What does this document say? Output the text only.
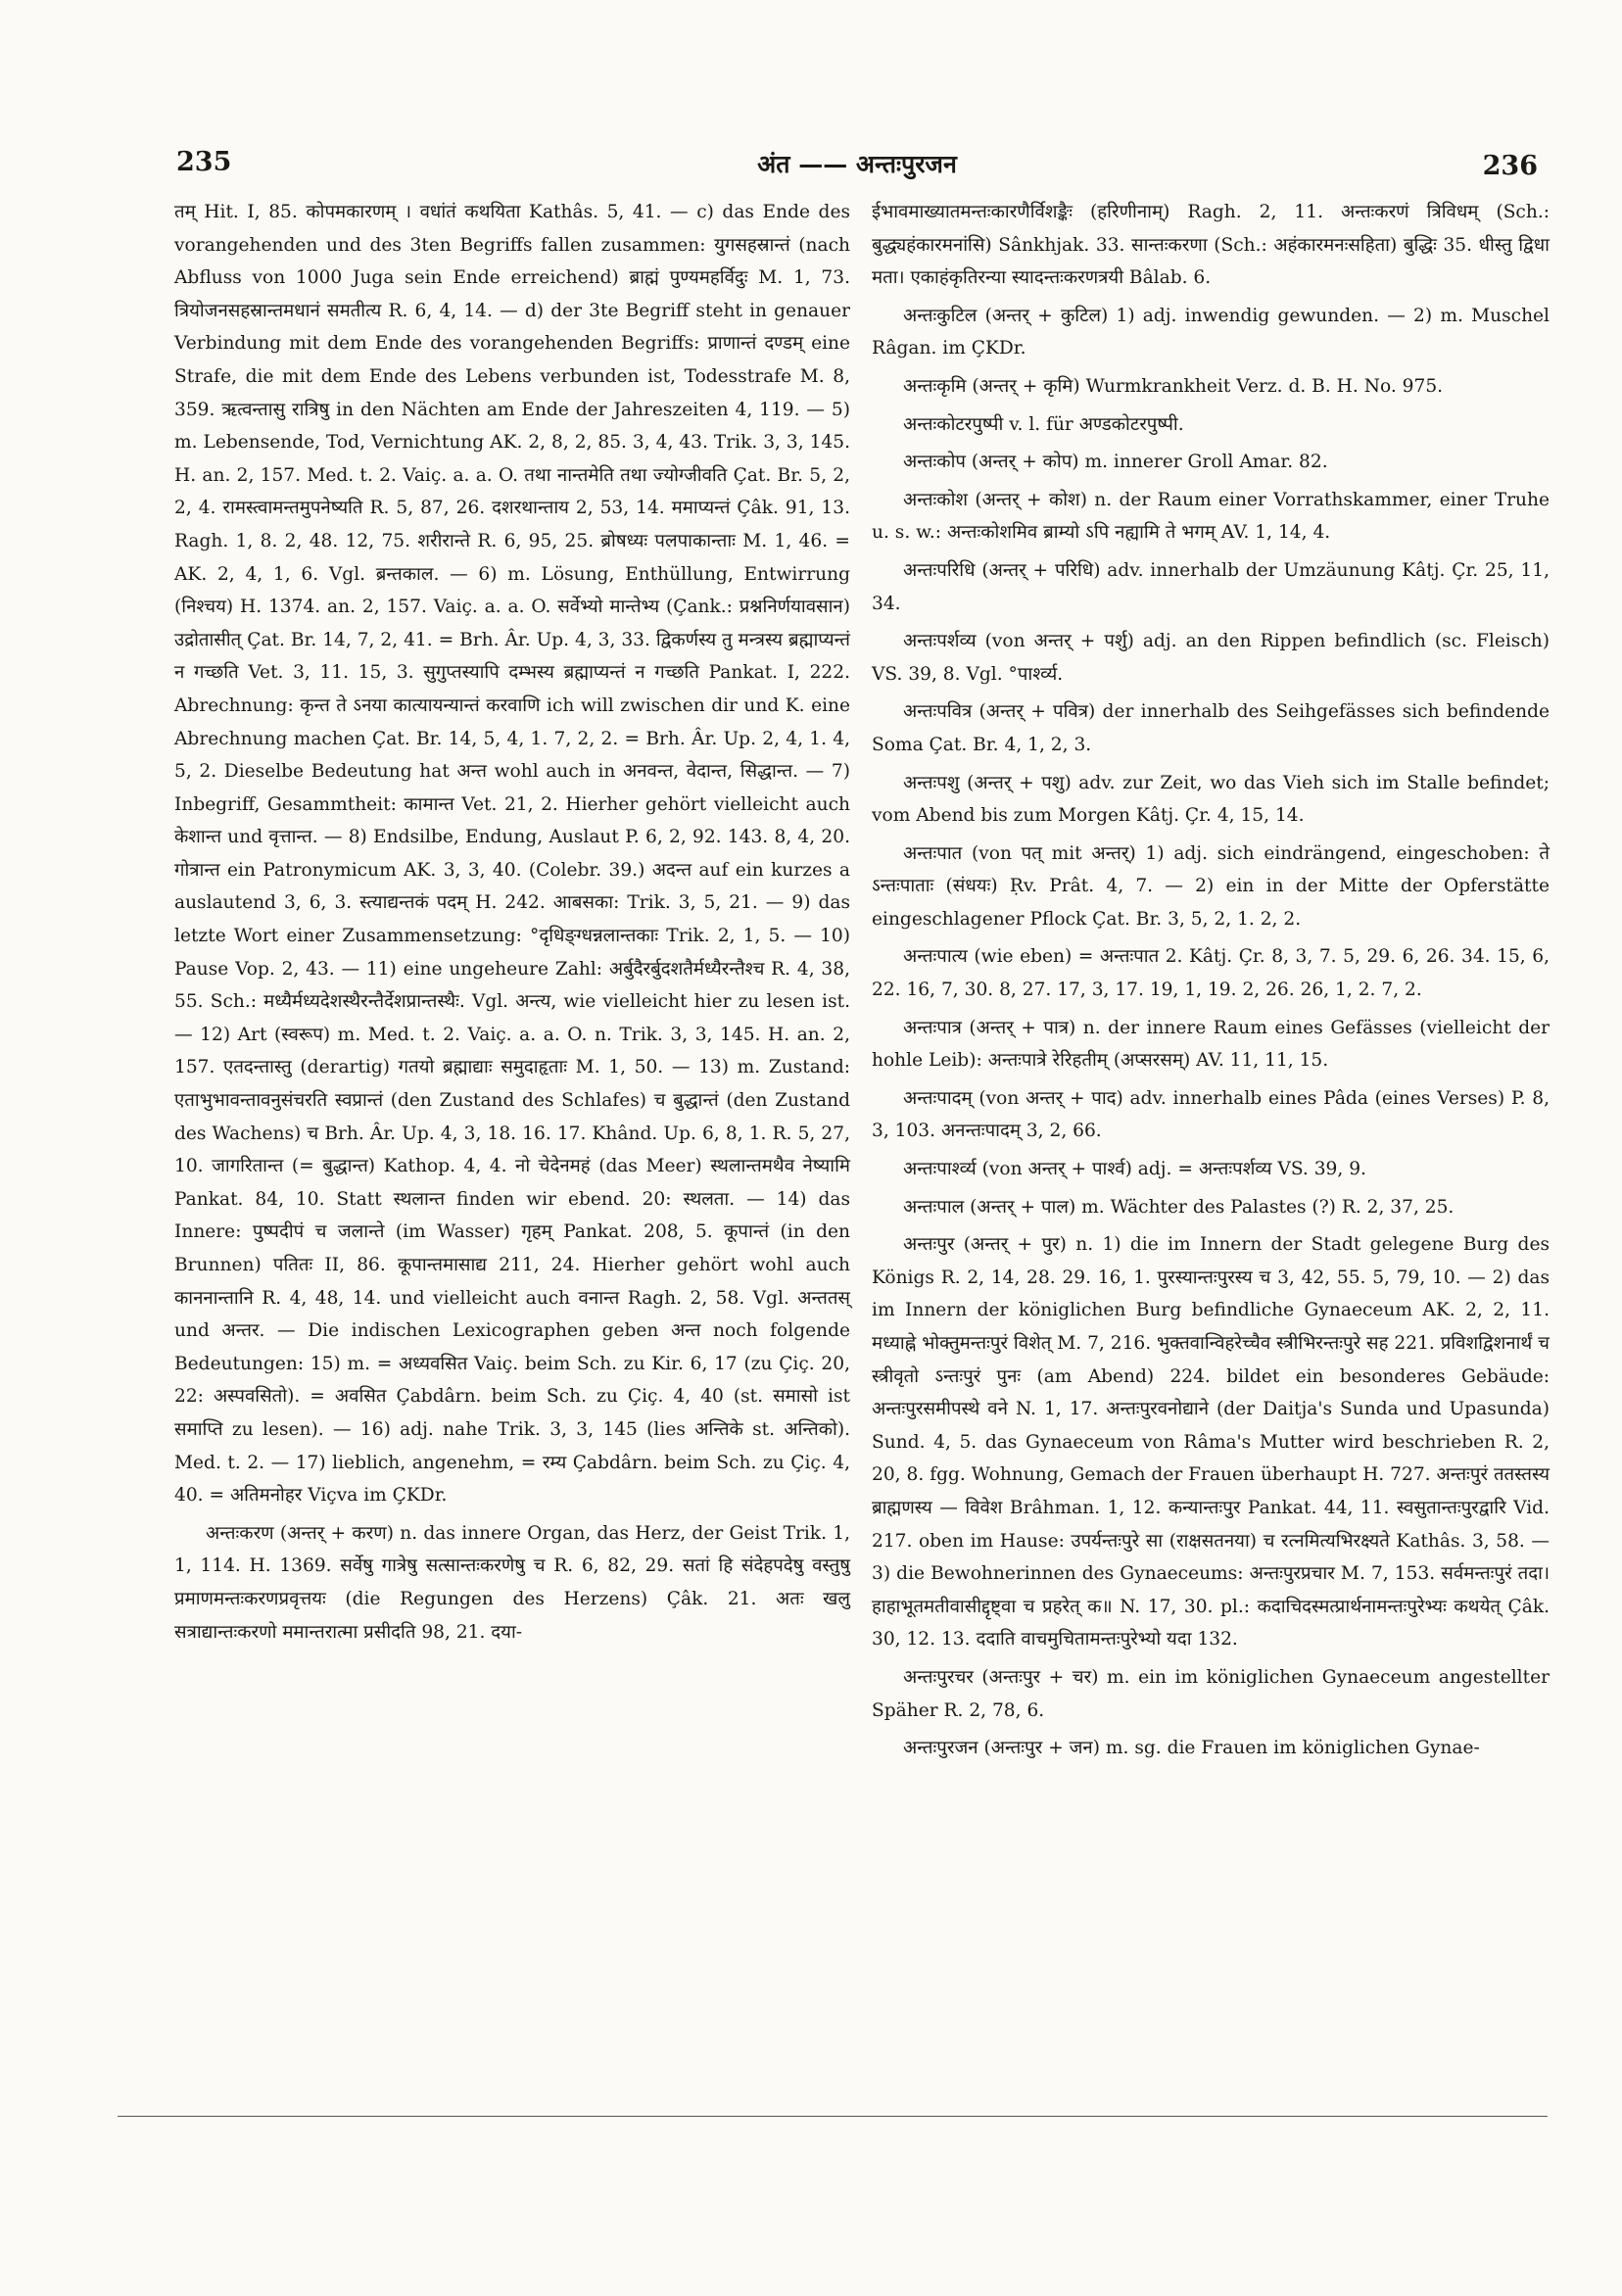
235	अंत —— अन्तःपुरजन	236

तम् Hit. I, 85. कोपमकारणम् । वधांतं कथयिता Kathâs. 5, 41. — c) das Ende des vorangehenden und des 3ten Begriffs fallen zusammen: युगसहस्रान्तं (nach Abfluss von 1000 Juga sein Ende erreichend) ब्राह्मं पुण्यमहर्विदुः M. 1, 73. त्रियोजनसहस्रान्तमधानं समतीत्य R. 6, 4, 14. — d) der 3te Begriff steht in genauer Verbindung mit dem Ende des vorangehenden Begriffs: प्राणान्तं दण्डम् eine Strafe, die mit dem Ende des Lebens verbunden ist, Todesstrafe M. 8, 359. ऋत्वन्तासु रात्रिषु in den Nächten am Ende der Jahreszeiten 4, 119. — 5) m. Lebensende, Tod, Vernichtung AK. 2, 8, 2, 85. 3, 4, 43. Trik. 3, 3, 145. H. an. 2, 157. Med. t. 2. Vaiç. a. a. O. तथा नान्तमेति तथा ज्योग्जीवति Çat. Br. 5, 2, 2, 4. रामस्त्वामन्तमुपनेष्यति R. 5, 87, 26. दशरथान्ताय 2, 53, 14. ममाप्यन्तं Çâk. 91, 13. Ragh. 1, 8. 2, 48. 12, 75. शरीरान्ते R. 6, 95, 25. ब्रोषध्यः पलपाकान्ताः M. 1, 46. = AK. 2, 4, 1, 6. Vgl. ब्रन्तकाल. — 6) m. Lösung, Enthüllung, Entwirrung (निश्चय) H. 1374. an. 2, 157. Vaiç. a. a. O. सर्वेभ्यो मान्तेभ्य (Çank.: प्रश्ननिर्णयावसान) उद्रोतासीत् Çat. Br. 14, 7, 2, 41. = Brh. Âr. Up. 4, 3, 33. द्विकर्णस्य तु मन्त्रस्य ब्रह्माप्यन्तं न गच्छति Vet. 3, 11. 15, 3. सुगुप्तस्यापि दम्भस्य ब्रह्माप्यन्तं न गच्छति Pankat. I, 222. Abrechnung: कृन्त ते ऽनया कात्यायन्यान्तं करवाणि ich will zwischen dir und K. eine Abrechnung machen Çat. Br. 14, 5, 4, 1. 7, 2, 2. = Brh. Âr. Up. 2, 4, 1. 4, 5, 2. Dieselbe Bedeutung hat अन्त wohl auch in अनवन्त, वेदान्त, सिद्धान्त. — 7) Inbegriff, Gesammtheit: कामान्त Vet. 21, 2. Hierher gehört vielleicht auch केशान्त und वृत्तान्त. — 8) Endsilbe, Endung, Auslaut P. 6, 2, 92. 143. 8, 4, 20. गोत्रान्त ein Patronymicum AK. 3, 3, 40. (Colebr. 39.) अदन्त auf ein kurzes a auslautend 3, 6, 3. स्त्याद्यन्तकं पदम् H. 242. आबसका: Trik. 3, 5, 21. — 9) das letzte Wort einer Zusammensetzung: °दृधिङ्ग्धन्नलान्तकाः Trik. 2, 1, 5. — 10) Pause Vop. 2, 43. — 11) eine ungeheure Zahl: अर्बुदैरर्बुदशतैर्मध्यैरन्तैश्च R. 4, 38, 55. Sch.: मध्यैर्मध्यदेशस्थैरन्तैर्देशप्रान्तस्थैः. Vgl. अन्त्य, wie vielleicht hier zu lesen ist. — 12) Art (स्वरूप) m. Med. t. 2. Vaiç. a. a. O. n. Trik. 3, 3, 145. H. an. 2, 157. एतदन्तास्तु (derartig) गतयो ब्रह्माद्याः समुदाहृताः M. 1, 50. — 13) m. Zustand: एताभुभावन्तावनुसंचरति स्वप्रान्तं (den Zustand des Schlafes) च बुद्धान्तं (den Zustand des Wachens) च Brh. Âr. Up. 4, 3, 18. 16. 17. Khând. Up. 6, 8, 1. R. 5, 27, 10. जागरितान्त (= बुद्धान्त) Kathop. 4, 4. नो चेदेनमहं (das Meer) स्थलान्तमथैव नेष्यामि Pankat. 84, 10. Statt स्थलान्त finden wir ebend. 20: स्थलता. — 14) das Innere: पुष्पदीपं च जलान्ते (im Wasser) गृहम् Pankat. 208, 5. कूपान्तं (in den Brunnen) पतितः II, 86. कूपान्तमासाद्य 211, 24. Hierher gehört wohl auch काननान्तानि R. 4, 48, 14. und vielleicht auch वनान्त Ragh. 2, 58. Vgl. अन्ततस् und अन्तर. — Die indischen Lexicographen geben अन्त noch folgende Bedeutungen: 15) m. = अध्यवसित Vaiç. beim Sch. zu Kir. 6, 17 (zu Çiç. 20, 22: अस्पवसितो). = अवसित Çabdârn. beim Sch. zu Çiç. 4, 40 (st. समासो ist समाप्ति zu lesen). — 16) adj. nahe Trik. 3, 3, 145 (lies अन्तिके st. अन्तिको). Med. t. 2. — 17) lieblich, angenehm, = रम्य Çabdârn. beim Sch. zu Çiç. 4, 40. = अतिमनोहर Viçva im ÇKDr.

अन्तःकरण (अन्तर् + करण) n. das innere Organ, das Herz, der Geist Trik. 1, 1, 114. H. 1369. सर्वेषु गात्रेषु सत्सान्तःकरणेषु च R. 6, 82, 29. सतां हि संदेहपदेषु वस्तुषु प्रमाणमन्तःकरणप्रवृत्तयः (die Regungen des Herzens) Çâk. 21. अतः खलु सत्राद्यान्तःकरणो ममान्तरात्मा प्रसीदति 98, 21. दया-

ईभावमाख्यातमन्तःकारणैर्विशङ्कैः (हरिणीनाम्) Ragh. 2, 11. अन्तःकरणं त्रिविधम् (Sch.: बुद्ध्यहंकारमनांसि) Sânkhjak. 33. सान्तःकरणा (Sch.: अहंकारमनःसहिता) बुद्धिः 35. धीस्तु द्विधा मता। एकाहंकृतिरन्या स्यादन्तःकरणत्रयी Bâlab. 6.

अन्तःकुटिल (अन्तर् + कुटिल) 1) adj. inwendig gewunden. — 2) m. Muschel Râgan. im ÇKDr.

अन्तःकृमि (अन्तर् + कृमि) Wurmkrankheit Verz. d. B. H. No. 975.

अन्तःकोटरपुष्पी v. l. für अण्डकोटरपुष्पी.

अन्तःकोप (अन्तर् + कोप) m. innerer Groll Amar. 82.

अन्तःकोश (अन्तर् + कोश) n. der Raum einer Vorrathskammer, einer Truhe u. s. w.: अन्तःकोशमिव ब्राम्यो ऽपि नह्यामि ते भगम् AV. 1, 14, 4.

अन्तःपरिधि (अन्तर् + परिधि) adv. innerhalb der Umzäunung Kâtj. Çr. 25, 11, 34.

अन्तःपर्शव्य (von अन्तर् + पर्शु) adj. an den Rippen befindlich (sc. Fleisch) VS. 39, 8. Vgl. °पार्श्व्य.

अन्तःपवित्र (अन्तर् + पवित्र) der innerhalb des Seihgefässes sich befindende Soma Çat. Br. 4, 1, 2, 3.

अन्तःपशु (अन्तर् + पशु) adv. zur Zeit, wo das Vieh sich im Stalle befindet; vom Abend bis zum Morgen Kâtj. Çr. 4, 15, 14.

अन्तःपात (von पत् mit अन्तर्) 1) adj. sich eindrängend, eingeschoben: ते ऽन्तःपाताः (संधयः) Ṛv. Prât. 4, 7. — 2) ein in der Mitte der Opferstätte eingeschlagener Pflock Çat. Br. 3, 5, 2, 1. 2, 2.

अन्तःपात्य (wie eben) = अन्तःपात 2. Kâtj. Çr. 8, 3, 7. 5, 29. 6, 26. 34. 15, 6, 22. 16, 7, 30. 8, 27. 17, 3, 17. 19, 1, 19. 2, 26. 26, 1, 2. 7, 2.

अन्तःपात्र (अन्तर् + पात्र) n. der innere Raum eines Gefässes (vielleicht der hohle Leib): अन्तःपात्रे रेरिहतीम् (अप्सरसम्) AV. 11, 11, 15.

अन्तःपादम् (von अन्तर् + पाद) adv. innerhalb eines Pâda (eines Verses) P. 8, 3, 103. अनन्तःपादम् 3, 2, 66.

अन्तःपार्श्व्य (von अन्तर् + पार्श्व) adj. = अन्तःपर्शव्य VS. 39, 9.

अन्तःपाल (अन्तर् + पाल) m. Wächter des Palastes (?) R. 2, 37, 25.

अन्तःपुर (अन्तर् + पुर) n. 1) die im Innern der Stadt gelegene Burg des Königs R. 2, 14, 28. 29. 16, 1. पुरस्यान्तःपुरस्य च 3, 42, 55. 5, 79, 10. — 2) das im Innern der königlichen Burg befindliche Gynaeceum AK. 2, 2, 11. मध्याह्ने भोक्तुमन्तःपुरं विशेत् M. 7, 216. भुक्तवान्विहरेच्चैव स्त्रीभिरन्तःपुरे सह 221. प्रविशद्विशनार्थं च स्त्रीवृतो ऽन्तःपुरं पुनः (am Abend) 224. bildet ein besonderes Gebäude: अन्तःपुरसमीपस्थे वने N. 1, 17. अन्तःपुरवनोद्याने (der Daitja's Sunda und Upasunda) Sund. 4, 5. das Gynaeceum von Râma's Mutter wird beschrieben R. 2, 20, 8. fgg. Wohnung, Gemach der Frauen überhaupt H. 727. अन्तःपुरं ततस्तस्य ब्राह्मणस्य — विवेश Brâhman. 1, 12. कन्यान्तःपुर Pankat. 44, 11. स्वसुतान्तःपुरद्वारि Vid. 217. oben im Hause: उपर्यन्तःपुरे सा (राक्षसतनया) च रत्नमित्यभिरक्ष्यते Kathâs. 3, 58. — 3) die Bewohnerinnen des Gynaeceums: अन्तःपुरप्रचार M. 7, 153. सर्वमन्तःपुरं तदा। हाहाभूतमतीवासीद्दृष्ट्वा च प्रहरेत् क॥ N. 17, 30. pl.: कदाचिदस्मत्प्रार्थनामन्तःपुरेभ्यः कथयेत् Çâk. 30, 12. 13. ददाति वाचमुचितामन्तःपुरेभ्यो यदा 132.

अन्तःपुरचर (अन्तःपुर + चर) m. ein im königlichen Gynaeceum angestellter Späher R. 2, 78, 6.

अन्तःपुरजन (अन्तःपुर + जन) m. sg. die Frauen im königlichen Gynae-
